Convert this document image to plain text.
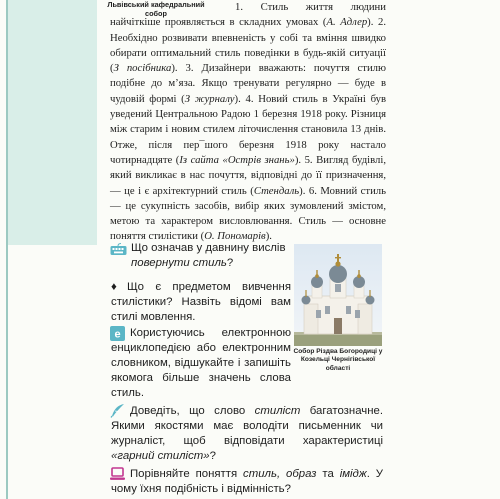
Львівський кафедральний собор
1. Стиль життя людини найчіткіше проявляється в складних умовах (А. Адлер). 2. Необхідно розвивати впевненість у собі та вміння швидко обирати оптимальний стиль поведінки в будь-якій ситуації (З посібника). 3. Дизайнери вважають: почуття стилю подібне до м’яза. Якщо тренувати регулярно — буде в чудовій формі (З журналу). 4. Новий стиль в Україні був уведений Центральною Радою 1 березня 1918 року. Різниця між старим і новим стилем літочислення становила 13 днів. Отже, після пер¯шого березня 1918 року настало чотирнадцяте (Із сайта «Острів знань»). 5. Вигляд будівлі, який викликає в нас почуття, відповідні до її призначення, — це і є архітектурний стиль (Стендаль). 6. Мовний стиль — це сукупність засобів, вибір яких зумовлений змістом, метою та характером висловлювання. Стиль — основне поняття стилістики (О. Пономарів).
Собор Різдва Богородиці у Козельці Чернігівської області
Що означав у давнину вислів повернути стиль?
♦ Що є предметом вивчення стилістики? Назвіть відомі вам стилі мовлення.
e Користуючись електронною енциклопедією або електронним словником, відшукайте і запишіть якомога більше значень слова стиль.
Доведіть, що слово стиліст багатозначне. Якими якостями має володіти письменник чи журналіст, щоб відповідати характеристиці «гарний стиліст»?
Порівняйте поняття стиль, образ та імідж. У чому їхня подібність і відмінність?
